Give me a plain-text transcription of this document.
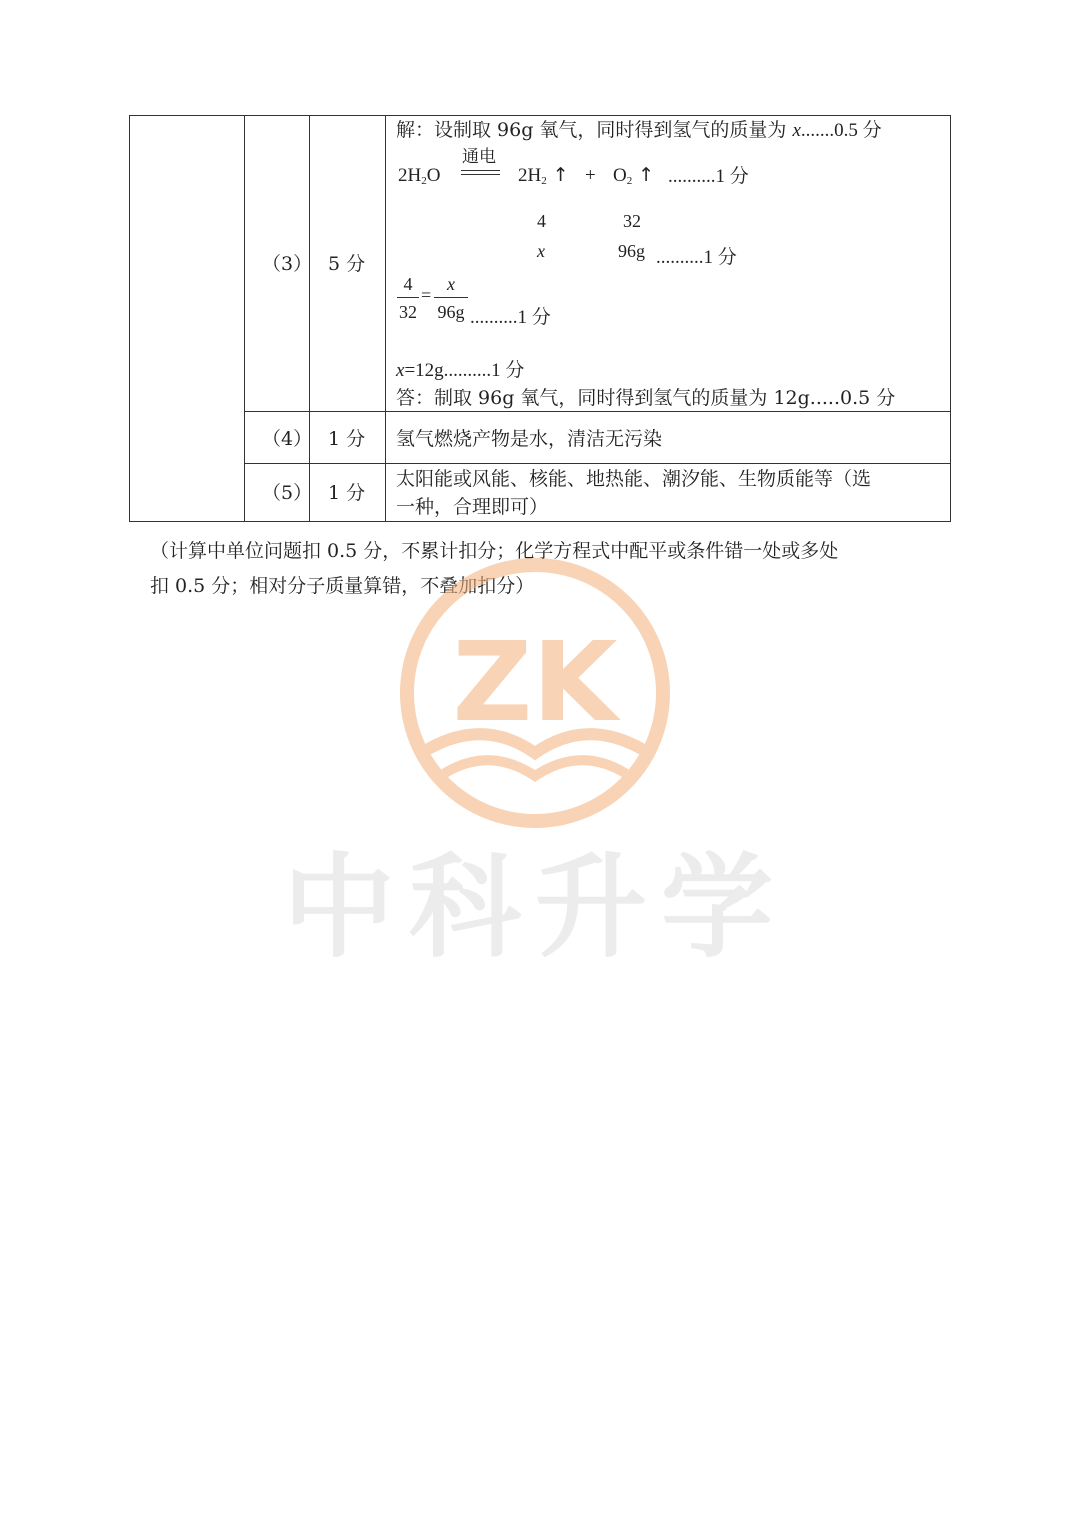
（3） 5 分
解：设制取 96g 氧气，同时得到氢气的质量为 x.......0.5 分
$2H_2O$
通电
$2H_2$ ↑ + $O_2$ ↑ ..........1 分
4	32
x	96g ..........1 分
4
32
=
x
96g ..........1 分
x=12g..........1 分
答：制取 96g 氧气，同时得到氢气的质量为 12g.....0.5 分
（4） 1 分 氢气燃烧产物是水，清洁无污染
（5） 1 分
太阳能或风能、核能、地热能、潮汐能、生物质能等（选
一种，合理即可）
（计算中单位问题扣 0.5 分，不累计扣分；化学方程式中配平或条件错一处或多处
扣 0.5 分；相对分子质量算错，不叠加扣分）
ZK
中科升学
